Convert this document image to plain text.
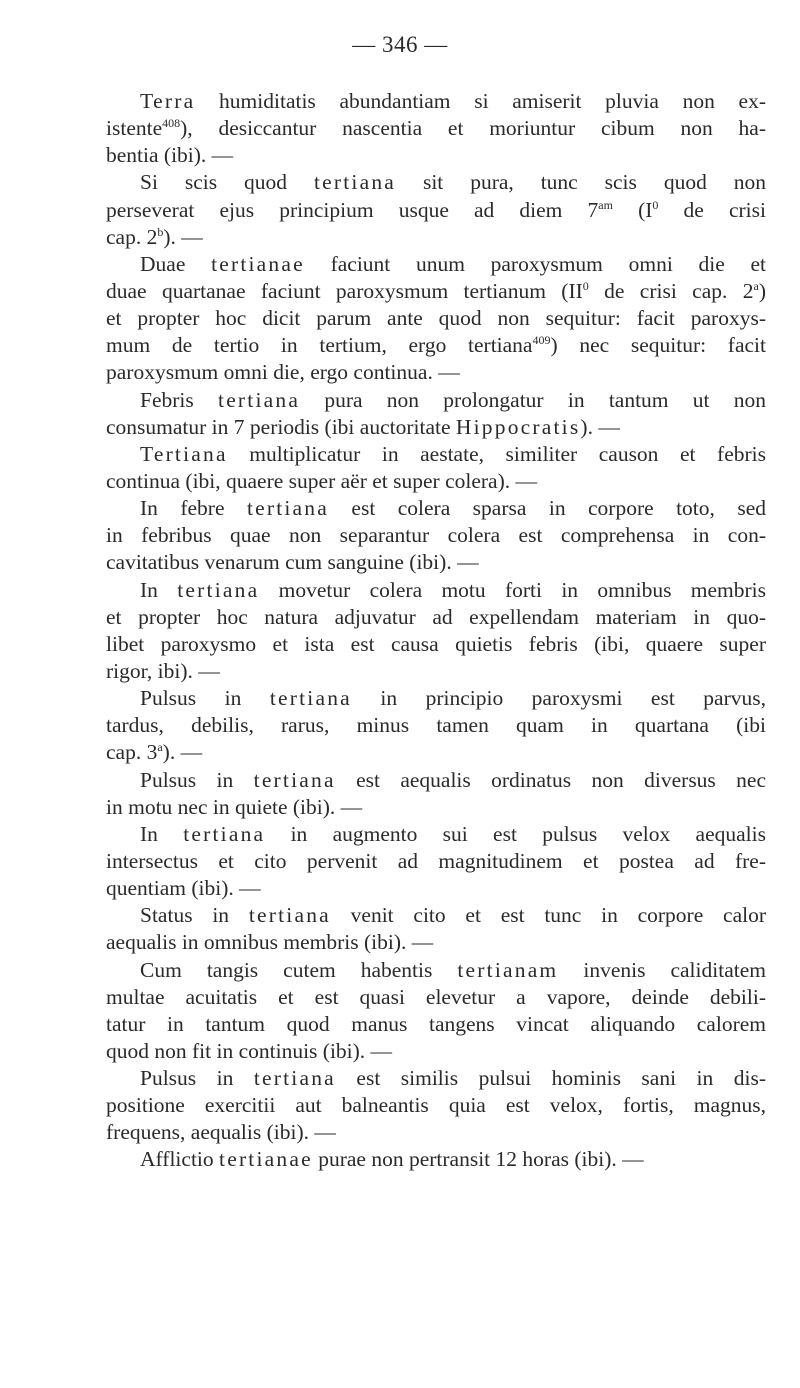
— 346 —
Terra humiditatis abundantiam si amiserit pluvia non ex-
istente$^{408}$), desiccantur nascentia et moriuntur cibum non ha-
bentia (ibi). —
Si scis quod tertiana sit pura, tunc scis quod non
perseverat ejus principium usque ad diem $7^{am}$ ($I^0$ de crisi
cap. 2$^b$). —
Duae tertianae faciunt unum paroxysmum omni die et
duae quartanae faciunt paroxysmum tertianum ($II^0$ de crisi cap. 2$^a$)
et propter hoc dicit parum ante quod non sequitur: facit paroxys-
mum de tertio in tertium, ergo tertiana$^{409}$) nec sequitur: facit
paroxysmum omni die, ergo continua. —
Febris tertiana pura non prolongatur in tantum ut non
consumatur in 7 periodis (ibi auctoritate Hippocratis). —
Tertiana multiplicatur in aestate, similiter causon et febris
continua (ibi, quaere super aër et super colera). —
In febre tertiana est colera sparsa in corpore toto, sed
in febribus quae non separantur colera est comprehensa in con-
cavitatibus venarum cum sanguine (ibi). —
In tertiana movetur colera motu forti in omnibus membris
et propter hoc natura adjuvatur ad expellendam materiam in quo-
libet paroxysmo et ista est causa quietis febris (ibi, quaere super
rigor, ibi). —
Pulsus in tertiana in principio paroxysmi est parvus,
tardus, debilis, rarus, minus tamen quam in quartana (ibi
cap. 3$^a$). —
Pulsus in tertiana est aequalis ordinatus non diversus nec
in motu nec in quiete (ibi). —
In tertiana in augmento sui est pulsus velox aequalis
intersectus et cito pervenit ad magnitudinem et postea ad fre-
quentiam (ibi). —
Status in tertiana venit cito et est tunc in corpore calor
aequalis in omnibus membris (ibi). —
Cum tangis cutem habentis tertianam invenis caliditatem
multae acuitatis et est quasi elevetur a vapore, deinde debili-
tatur in tantum quod manus tangens vincat aliquando calorem
quod non fit in continuis (ibi). —
Pulsus in tertiana est similis pulsui hominis sani in dis-
positione exercitii aut balneantis quia est velox, fortis, magnus,
frequens, aequalis (ibi). —
Afflictio tertianae purae non pertransit 12 horas (ibi). —
